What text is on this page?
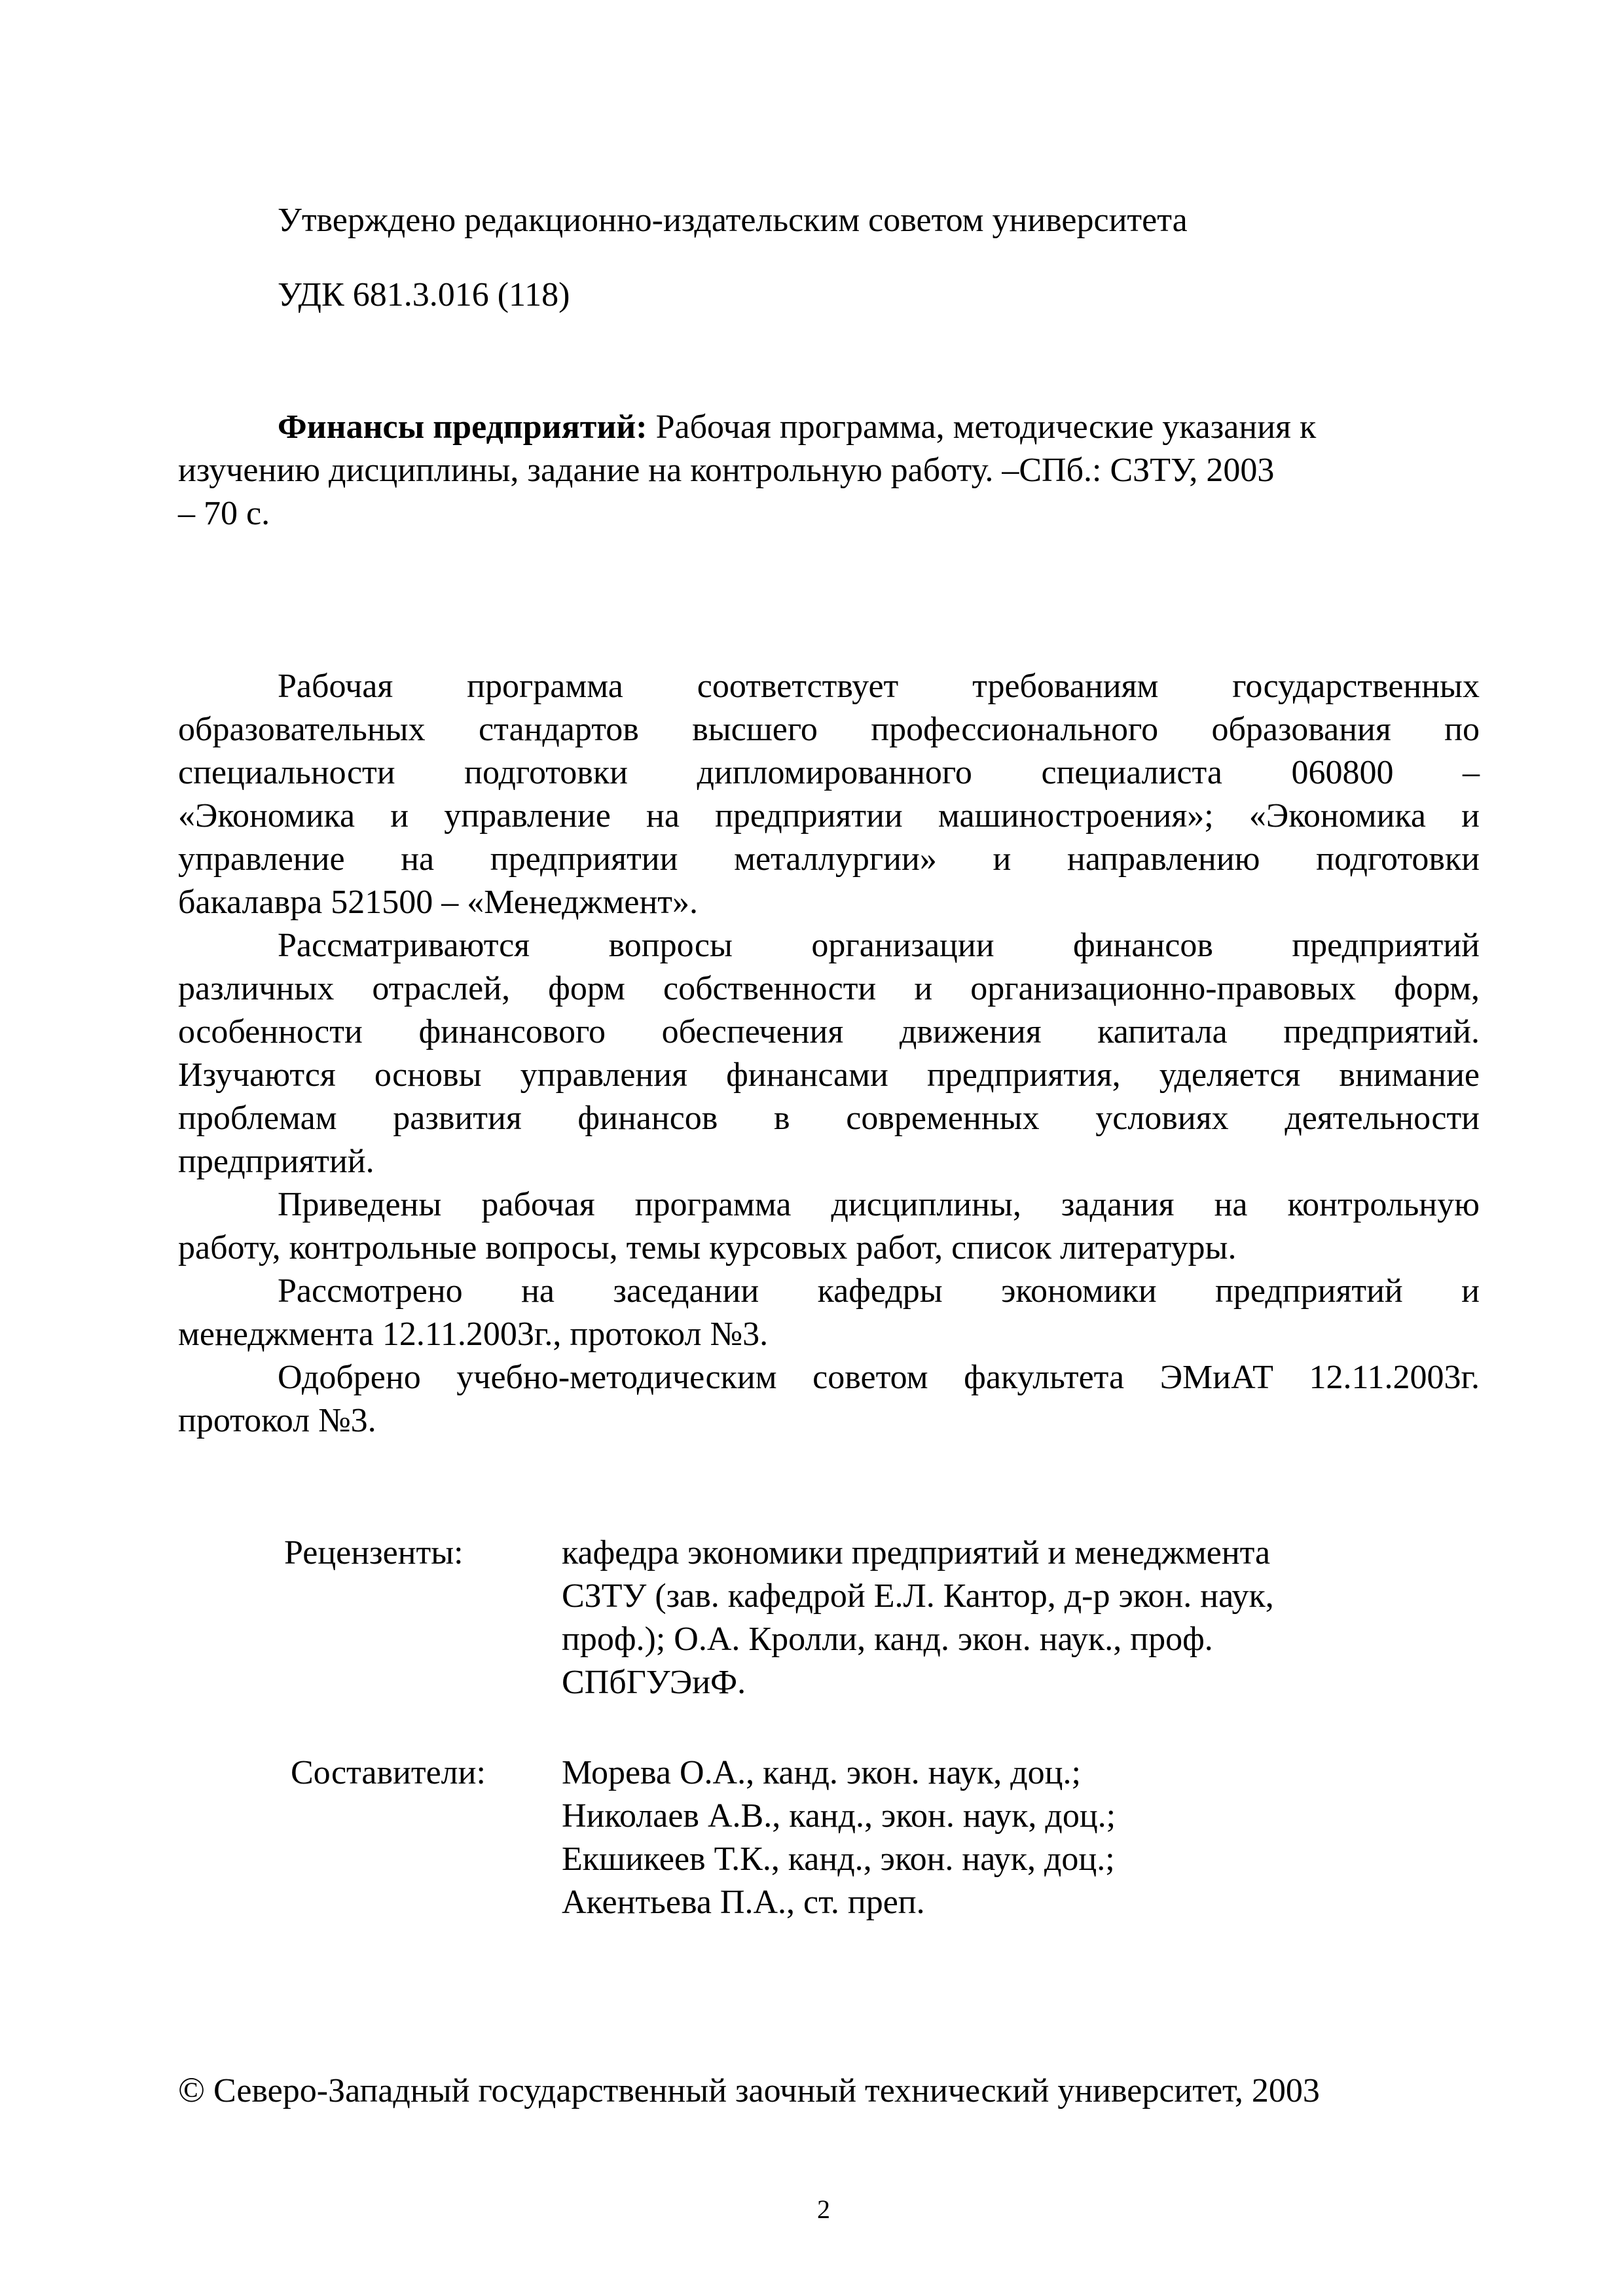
Утверждено редакционно-издательским советом университета
УДК 681.3.016 (118)
Финансы предприятий: Рабочая программа, методические указания к
изучению дисциплины, задание на контрольную работу. –СПб.: СЗТУ, 2003
– 70 с.
Рабочая программа соответствует требованиям государственных
образовательных стандартов высшего профессионального образования по
специальности подготовки дипломированного специалиста 060800 –
«Экономика и управление на предприятии машиностроения»; «Экономика и
управление на предприятии металлургии» и направлению подготовки
бакалавра 521500 – «Менеджмент».
Рассматриваются вопросы организации финансов предприятий
различных отраслей, форм собственности и организационно-правовых форм,
особенности финансового обеспечения движения капитала предприятий.
Изучаются основы управления финансами предприятия, уделяется внимание
проблемам развития финансов в современных условиях деятельности
предприятий.
Приведены рабочая программа дисциплины, задания на контрольную
работу, контрольные вопросы, темы курсовых работ, список литературы.
Рассмотрено на заседании кафедры экономики предприятий и
менеджмента 12.11.2003г., протокол №3.
Одобрено учебно-методическим советом факультета ЭМиАТ 12.11.2003г.
протокол №3.
Рецензенты:	кафедра экономики предприятий и менеджмента
СЗТУ (зав. кафедрой Е.Л. Кантор, д-р экон. наук,
проф.); О.А. Кролли, канд. экон. наук., проф.
СПбГУЭиФ.
Составители: Морева О.А., канд. экон. наук, доц.;
Николаев А.В., канд., экон. наук, доц.;
Екшикеев Т.К., канд., экон. наук, доц.;
Акентьева П.А., ст. преп.
© Северо-Западный государственный заочный технический университет, 2003
2
